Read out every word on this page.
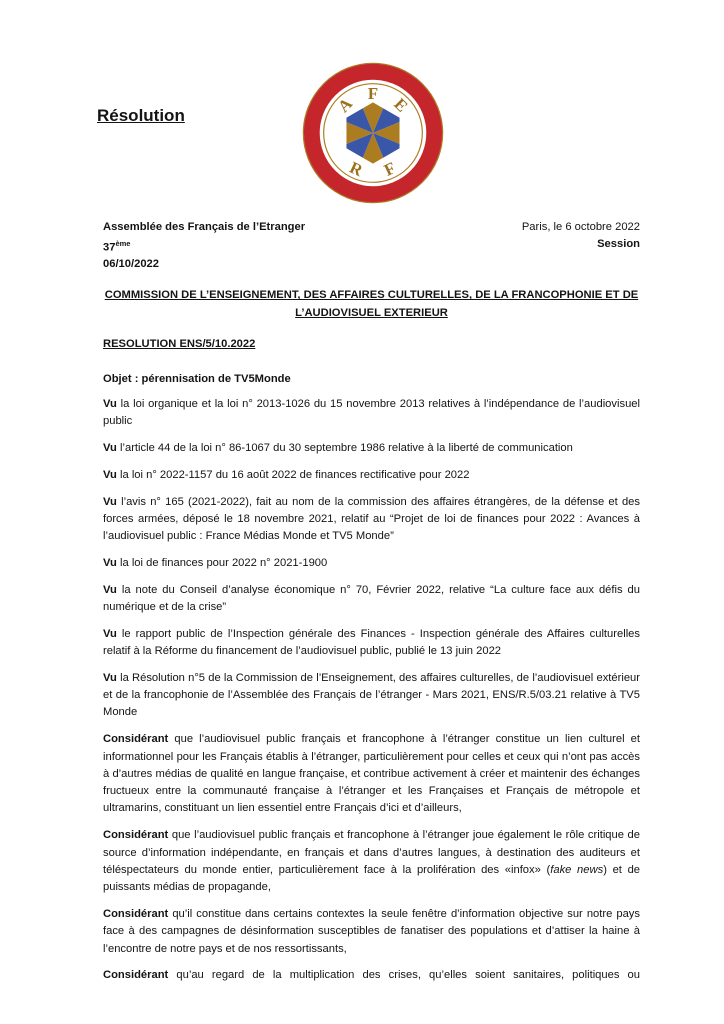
Résolution	A
F
E
R F
Assemblée des Français de l’Etranger	Paris, le 6 octobre 2022
37ème	Session
06/10/2022
COMMISSION DE L’ENSEIGNEMENT, DES AFFAIRES CULTURELLES, DE LA FRANCOPHONIE ET DE
L’AUDIOVISUEL EXTERIEUR
RESOLUTION ENS/5/10.2022
Objet : pérennisation de TV5Monde

Vu la loi organique et la loi n° 2013-1026 du 15 novembre 2013 relatives à l’indépendance de l’audiovisuel public

Vu l’article 44 de la loi n° 86-1067 du 30 septembre 1986 relative à la liberté de communication

Vu la loi n° 2022-1157 du 16 août 2022 de finances rectificative pour 2022

Vu l’avis n° 165 (2021-2022), fait au nom de la commission des affaires étrangères, de la défense et des forces armées, déposé le 18 novembre 2021, relatif au “Projet de loi de finances pour 2022 : Avances à l’audiovisuel public : France Médias Monde et TV5 Monde”

Vu la loi de finances pour 2022 n° 2021-1900

Vu la note du Conseil d’analyse économique n° 70, Février 2022, relative “La culture face aux défis du numérique et de la crise”

Vu le rapport public de l’Inspection générale des Finances - Inspection générale des Affaires culturelles relatif à la Réforme du financement de l’audiovisuel public, publié le 13 juin 2022

Vu la Résolution n°5 de la Commission de l’Enseignement, des affaires culturelles, de l’audiovisuel extérieur et de la francophonie de l’Assemblée des Français de l’étranger - Mars 2021, ENS/R.5/03.21 relative à TV5 Monde

Considérant que l’audiovisuel public français et francophone à l’étranger constitue un lien culturel et informationnel pour les Français établis à l’étranger, particulièrement pour celles et ceux qui n’ont pas accès à d’autres médias de qualité en langue française, et contribue activement à créer et maintenir des échanges fructueux entre la communauté française à l’étranger et les Françaises et Français de métropole et ultramarins, constituant un lien essentiel entre Français d’ici et d’ailleurs,

Considérant que l’audiovisuel public français et francophone à l’étranger joue également le rôle critique de source d’information indépendante, en français et dans d’autres langues, à destination des auditeurs et téléspectateurs du monde entier, particulièrement face à la prolifération des «infox» (fake news) et de puissants médias de propagande,

Considérant qu’il constitue dans certains contextes la seule fenêtre d’information objective sur notre pays face à des campagnes de désinformation susceptibles de fanatiser des populations et d’attiser la haine à l’encontre de notre pays et de nos ressortissants,

Considérant qu’au regard de la multiplication des crises, qu’elles soient sanitaires, politiques ou
